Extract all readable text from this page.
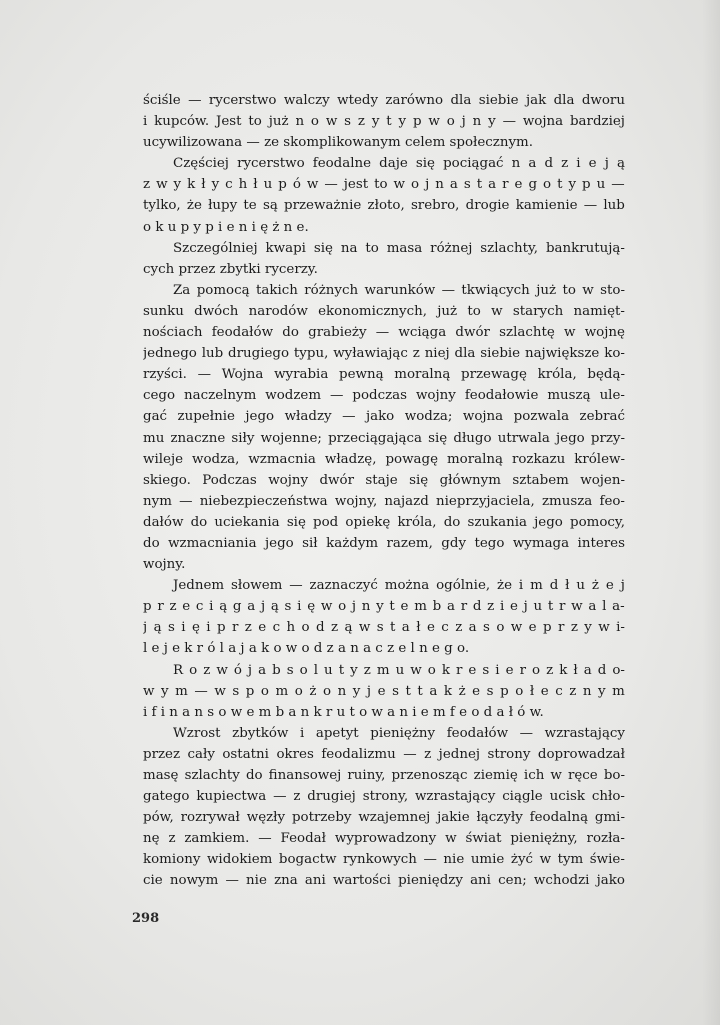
ściśle — rycerstwo walczy wtedy zarówno dla siebie jak dla dworu
i kupców. Jest to już n o w s z y t y p w o j n y — wojna bardziej
ucywilizowana — ze skomplikowanym celem społecznym.
Częściej rycerstwo feodalne daje się pociągać n a d z i e j ą
z w y k ł y c h ł u p ó w — jest to w o j n a s t a r e g o t y p u —
tylko, że łupy te są przeważnie złoto, srebro, drogie kamienie — lub
o k u p y p i e n i ę ż n e.
Szczególniej kwapi się na to masa różnej szlachty, bankrutują-
cych przez zbytki rycerzy.
Za pomocą takich różnych warunków — tkwiących już to w sto-
sunku dwóch narodów ekonomicznych, już to w starych namięt-
nościach feodałów do grabieży — wciąga dwór szlachtę w wojnę
jednego lub drugiego typu, wyławiając z niej dla siebie największe ko-
rzyści. — Wojna wyrabia pewną moralną przewagę króla, będą-
cego naczelnym wodzem — podczas wojny feodałowie muszą ule-
gać zupełnie jego władzy — jako wodza; wojna pozwala zebrać
mu znaczne siły wojenne; przeciągająca się długo utrwala jego przy-
wileje wodza, wzmacnia władzę, powagę moralną rozkazu królew-
skiego. Podczas wojny dwór staje się głównym sztabem wojen-
nym — niebezpieczeństwa wojny, najazd nieprzyjaciela, zmusza feo-
dałów do uciekania się pod opiekę króla, do szukania jego pomocy,
do wzmacniania jego sił każdym razem, gdy tego wymaga interes
wojny.
Jednem słowem — zaznaczyć można ogólnie, że i m d ł u ż e j
p r z e c i ą g a j ą s i ę w o j n y t e m b a r d z i e j u t r w a l a-
j ą s i ę i p r z e c h o d z ą w s t a ł e c z a s o w e p r z y w i-
l e j e k r ó l a j a k o w o d z a n a c z e l n e g o.
R o z w ó j a b s o l u t y z m u w o k r e s i e r o z k ł a d o-
w y m — w s p o m o ż o n y j e s t t a k ż e s p o ł e c z n y m
i f i n a n s o w e m b a n k r u t o w a n i e m f e o d a ł ó w.
Wzrost zbytków i apetyt pieniężny feodałów — wzrastający
przez cały ostatni okres feodalizmu — z jednej strony doprowadzał
masę szlachty do finansowej ruiny, przenosząc ziemię ich w ręce bo-
gatego kupiectwa — z drugiej strony, wzrastający ciągle ucisk chło-
pów, rozrywał węzły potrzeby wzajemnej jakie łączyły feodalną gmi-
nę z zamkiem. — Feodał wyprowadzony w świat pieniężny, rozła-
komiony widokiem bogactw rynkowych — nie umie żyć w tym świe-
cie nowym — nie zna ani wartości pieniędzy ani cen; wchodzi jako
298
